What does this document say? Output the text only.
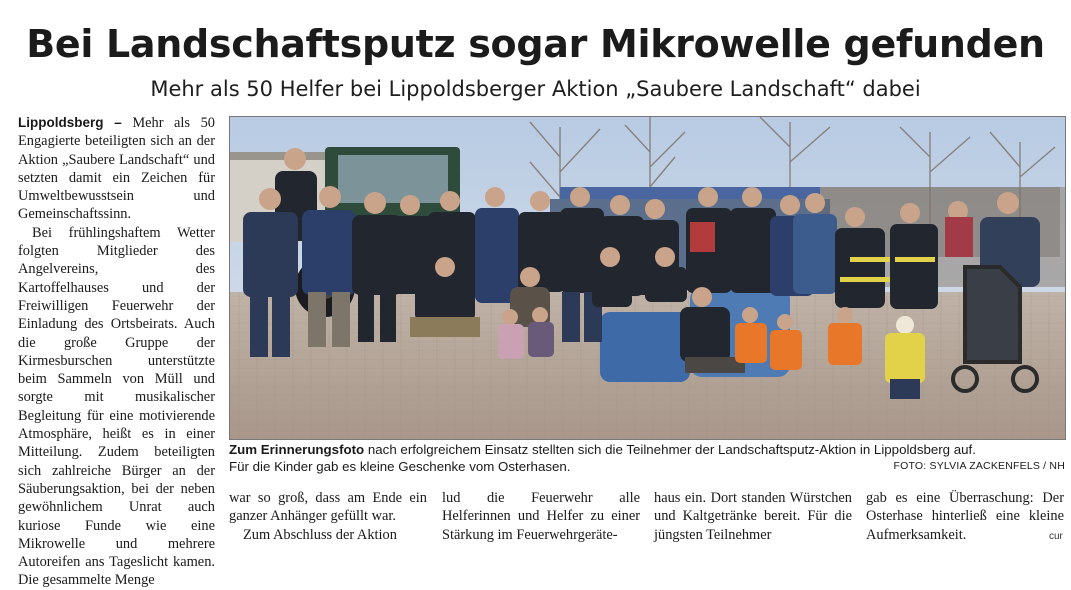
Bei Landschaftsputz sogar Mikrowelle gefunden
Mehr als 50 Helfer bei Lippoldsberger Aktion „Saubere Landschaft“ dabei

Lippoldsberg – Mehr als 50 Engagierte beteiligten sich an der Aktion „Saubere Landschaft“ und setzten damit ein Zeichen für Umweltbewusstsein und Gemeinschaftssinn.

Bei frühlingshaftem Wetter folgten Mitglieder des Angelvereins, des Kartoffelhauses und der Freiwilligen Feuerwehr der Einladung des Ortsbeirats. Auch die große Gruppe der Kirmesburschen unterstützte beim Sammeln von Müll und sorgte mit musikalischer Begleitung für eine motivierende Atmosphäre, heißt es in einer Mitteilung. Zudem beteiligten sich zahlreiche Bürger an der Säuberungsaktion, bei der neben gewöhnlichem Unrat auch kuriose Funde wie eine Mikrowelle und mehrere Autoreifen ans Tageslicht kamen. Die gesammelte Menge

Zum Erinnerungsfoto nach erfolgreichem Einsatz stellten sich die Teilnehmer der Landschaftsputz-Aktion in Lippoldsberg auf.
Für die Kinder gab es kleine Geschenke vom Osterhasen.	FOTO: SYLVIA ZACKENFELS / NH

war so groß, dass am Ende ein ganzer Anhänger gefüllt war.

Zum Abschluss der Aktion

lud die Feuerwehr alle Helferinnen und Helfer zu einer Stärkung im Feuerwehrgeräte-

haus ein. Dort standen Würstchen und Kaltgetränke bereit. Für die jüngsten Teilnehmer

gab es eine Überraschung: Der Osterhase hinterließ eine kleine Aufmerksamkeit.	cur
